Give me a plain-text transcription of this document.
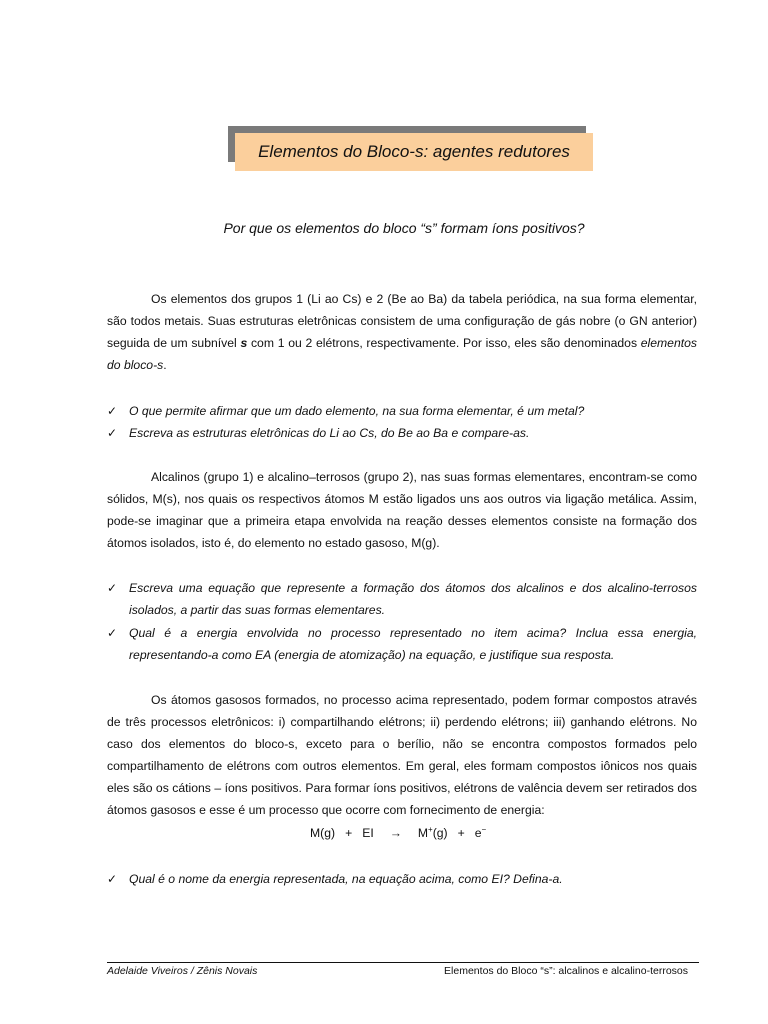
Elementos do Bloco-s: agentes redutores
Por que os elementos do bloco “s” formam íons positivos?

Os elementos dos grupos 1 (Li ao Cs) e 2 (Be ao Ba) da tabela periódica, na sua forma elementar, são todos metais. Suas estruturas eletrônicas consistem de uma configuração de gás nobre (o GN anterior) seguida de um subnível s com 1 ou 2 elétrons, respectivamente. Por isso, eles são denominados elementos do bloco-s.

✓ O que permite afirmar que um dado elemento, na sua forma elementar, é um metal?
✓ Escreva as estruturas eletrônicas do Li ao Cs, do Be ao Ba e compare-as.

Alcalinos (grupo 1) e alcalino–terrosos (grupo 2), nas suas formas elementares, encontram-se como sólidos, M(s), nos quais os respectivos átomos M estão ligados uns aos outros via ligação metálica. Assim, pode-se imaginar que a primeira etapa envolvida na reação desses elementos consiste na formação dos átomos isolados, isto é, do elemento no estado gasoso, M(g).

✓ Escreva uma equação que represente a formação dos átomos dos alcalinos e dos alcalino-terrosos isolados, a partir das suas formas elementares.
✓ Qual é a energia envolvida no processo representado no item acima? Inclua essa energia, representando-a como EA (energia de atomização) na equação, e justifique sua resposta.

Os átomos gasosos formados, no processo acima representado, podem formar compostos através de três processos eletrônicos: i) compartilhando elétrons; ii) perdendo elétrons; iii) ganhando elétrons. No caso dos elementos do bloco-s, exceto para o berílio, não se encontra compostos formados pelo compartilhamento de elétrons com outros elementos. Em geral, eles formam compostos iônicos nos quais eles são os cátions – íons positivos. Para formar íons positivos, elétrons de valência devem ser retirados dos átomos gasosos e esse é um processo que ocorre com fornecimento de energia:

M(g) + EI → M+(g) + e−
✓ Qual é o nome da energia representada, na equação acima, como EI? Defina-a.
Adelaide Viveiros / Zênis Novais	Elementos do Bloco “s”: alcalinos e alcalino-terrosos
